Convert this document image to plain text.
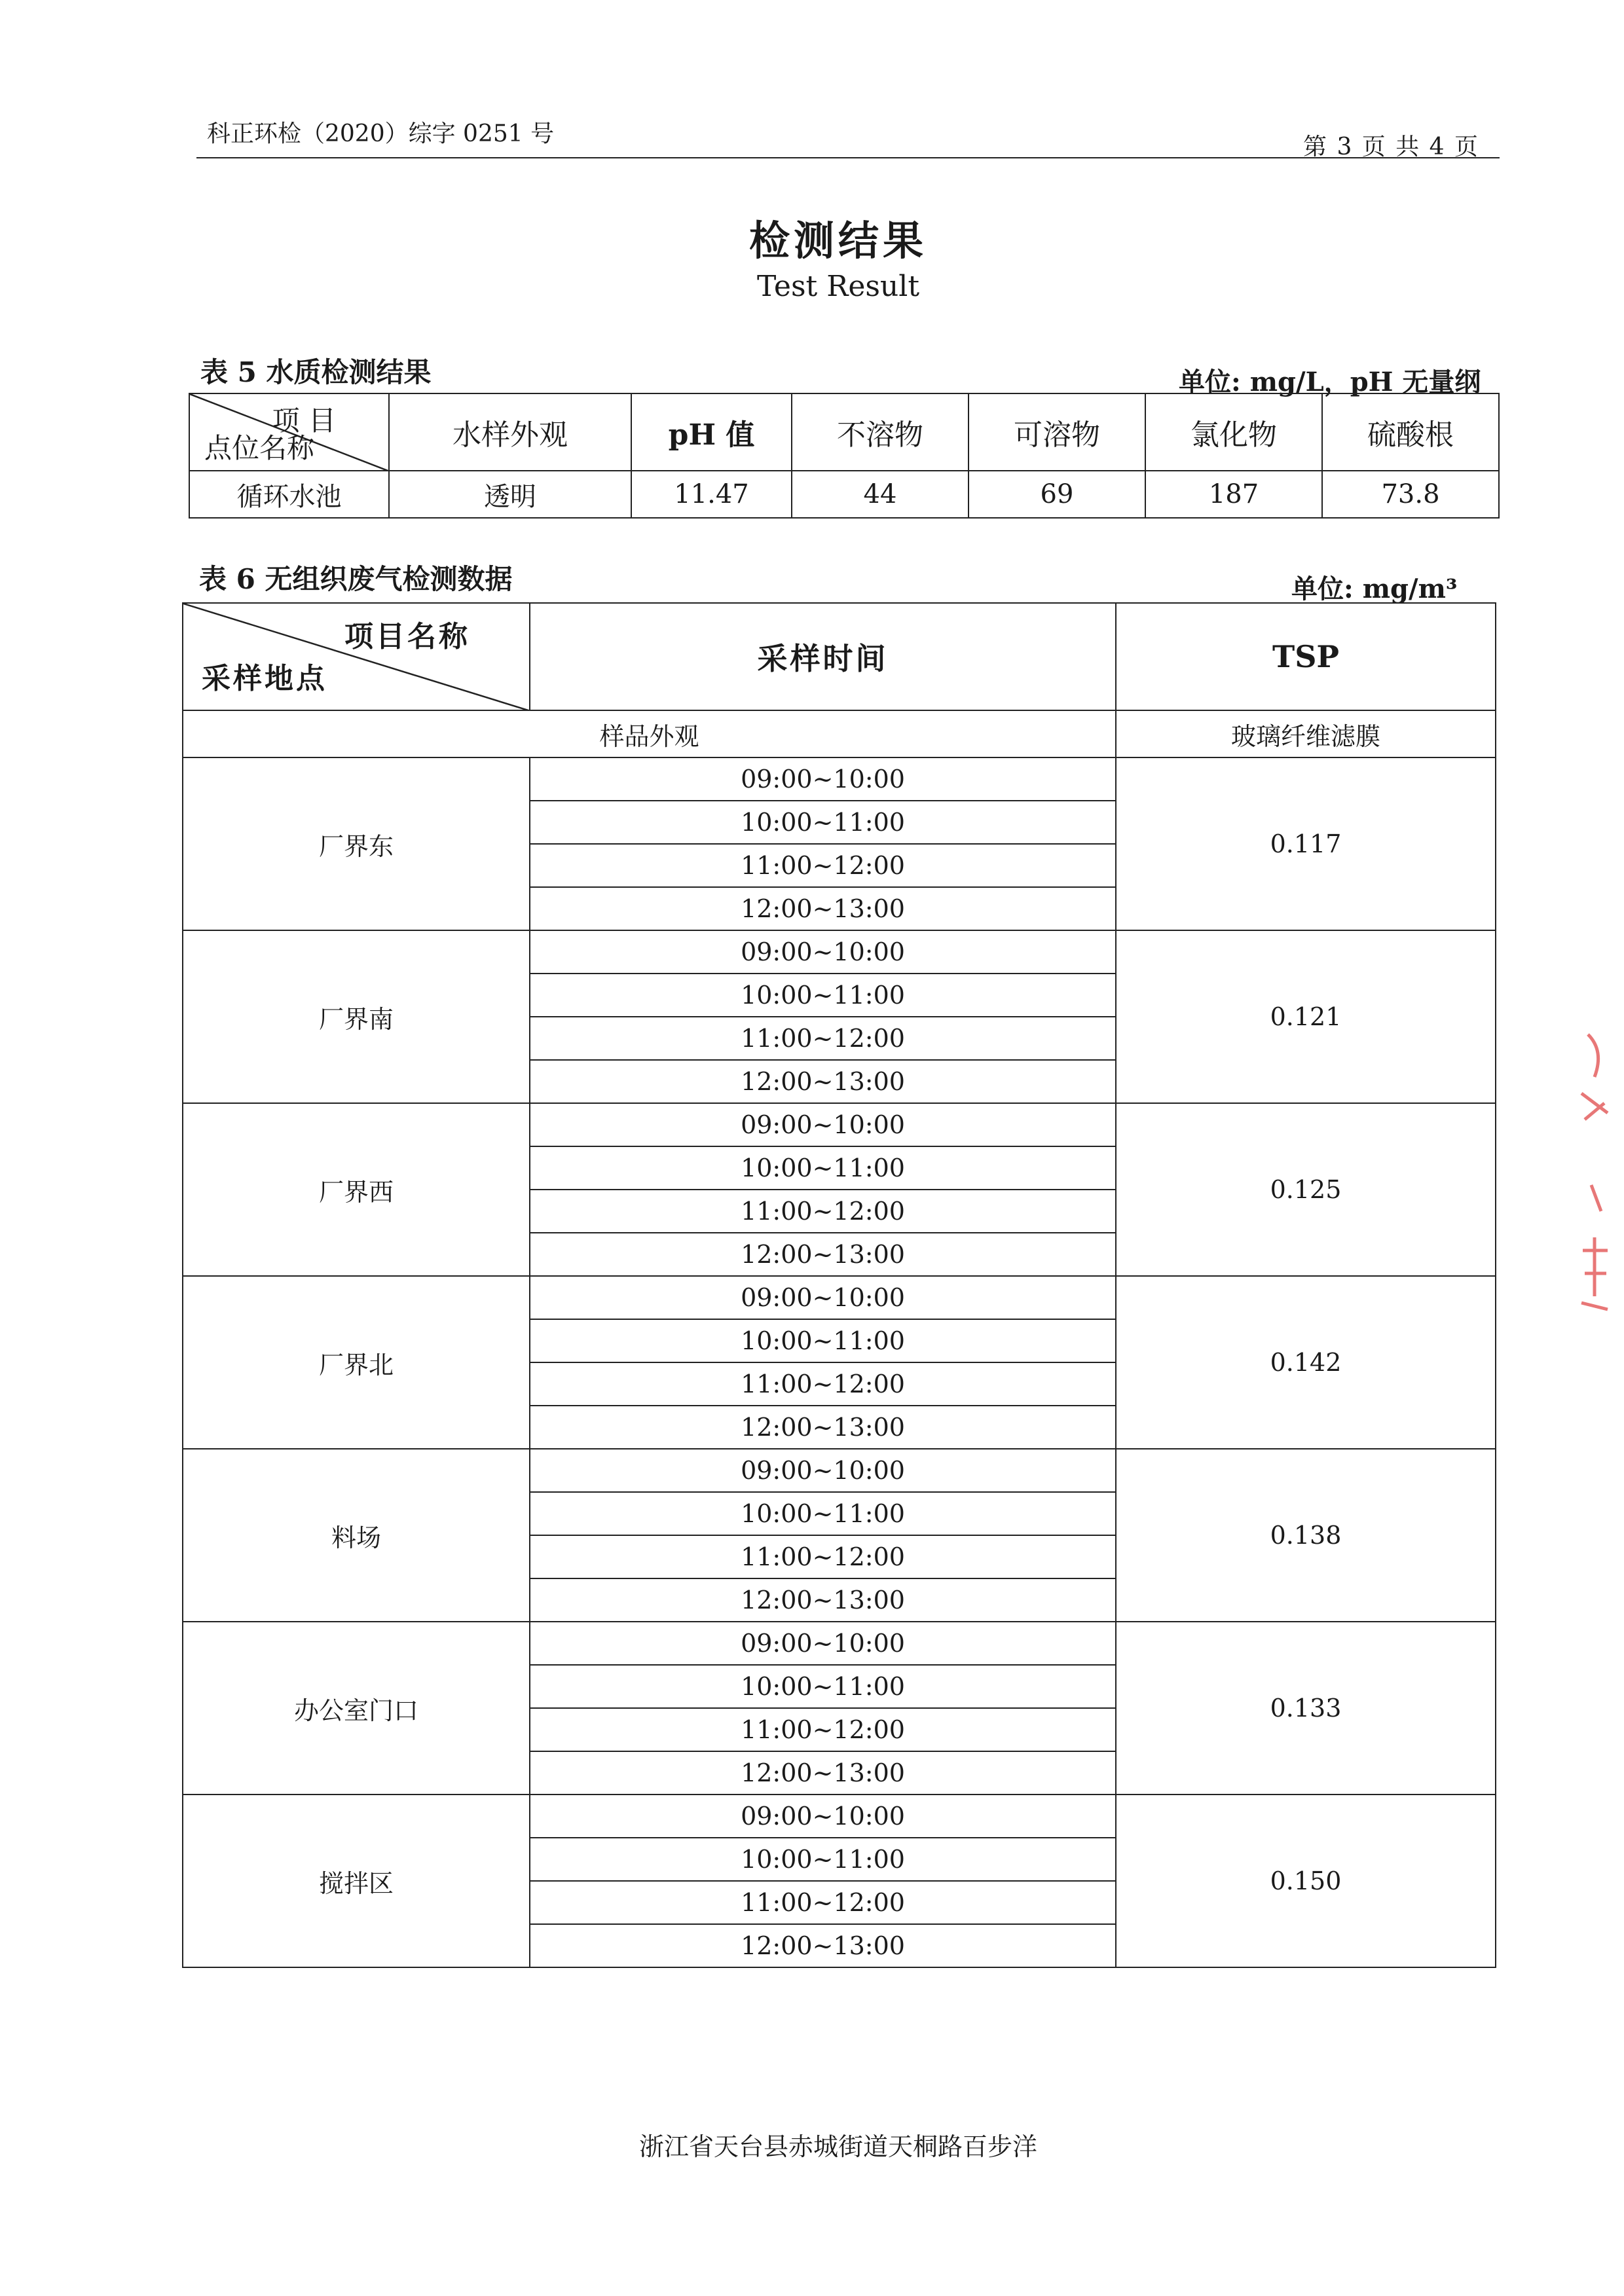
科正环检（2020）综字 0251 号	第 3 页 共 4 页
检测结果
Test Result
表 5 水质检测结果	单位: mg/L，pH 无量纲
项 目
点位名称	水样外观	pH 值	不溶物	可溶物	氯化物	硫酸根
循环水池	透明	11.47	44	69	187	73.8
表 6 无组织废气检测数据	单位: mg/m³
项目名称
采样地点	采样时间	TSP
样品外观		玻璃纤维滤膜
厂界东	09:00~10:00	0.117
	10:00~11:00	
	11:00~12:00	
	12:00~13:00	
厂界南	09:00~10:00	0.121
	10:00~11:00	
	11:00~12:00	
	12:00~13:00	
厂界西	09:00~10:00	0.125
	10:00~11:00	
	11:00~12:00	
	12:00~13:00	
厂界北	09:00~10:00	0.142
	10:00~11:00	
	11:00~12:00	
	12:00~13:00	
料场	09:00~10:00	0.138
	10:00~11:00	
	11:00~12:00	
	12:00~13:00	
办公室门口	09:00~10:00	0.133
	10:00~11:00	
	11:00~12:00	
	12:00~13:00	
搅拌区	09:00~10:00	0.150
	10:00~11:00	
	11:00~12:00	
	12:00~13:00	
浙江省天台县赤城街道天桐路百步洋
